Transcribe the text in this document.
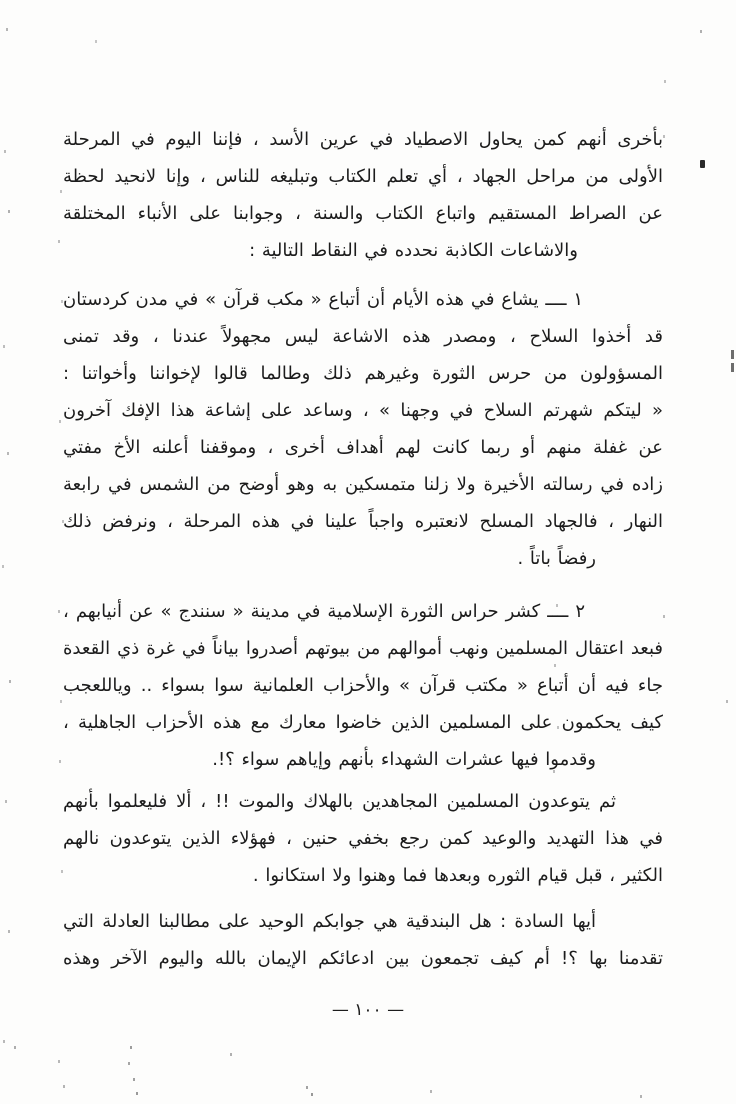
بأخرى أنهم كمن يحاول الاصطياد في عرين الأسد ، فإننا اليوم في المرحلة
الأولى من مراحل الجهاد ، أي تعلم الكتاب وتبليغه للناس ، وإنا لانحيد لحظة
عن الصراط المستقيم واتباع الكتاب والسنة ، وجوابنا على الأنباء المختلقة
والاشاعات الكاذبة نحدده في النقاط التالية :
١ ــــ يشاع في هذه الأيام أن أتباع « مكب قرآن » في مدن كردستان
قد أخذوا السلاح ، ومصدر هذه الاشاعة ليس مجهولاً عندنا ، وقد تمنى
المسؤولون من حرس الثورة وغيرهم ذلك وطالما قالوا لإخواننا وأخواتنا :
« ليتكم شهرتم السلاح في وجهنا » ، وساعد على إشاعة هذا الإفك آخرون
عن غفلة منهم أو ربما كانت لهم أهداف أخرى ، وموقفنا أعلنه الأخ مفتي
زاده في رسالته الأخيرة ولا زلنا متمسكين به وهو أوضح من الشمس في رابعة
النهار ، فالجهاد المسلح لانعتبره واجباً علينا في هذه المرحلة ، ونرفض ذلك
رفضاً باتاً .
٢ ــــ كشر حراس الثورة الإسلامية في مدينة « سنندج » عن أنيابهم ،
فبعد اعتقال المسلمين ونهب أموالهم من بيوتهم أصدروا بياناً في غرة ذي القعدة
جاء فيه أن أتباع « مكتب قرآن » والأحزاب العلمانية سوا بسواء .. وياللعجب
كيف يحكمون على المسلمين الذين خاضوا معارك مع هذه الأحزاب الجاهلية ،
وقدموا فيها عشرات الشهداء بأنهم وإياهم سواء ؟!.
ثم يتوعدون المسلمين المجاهدين بالهلاك والموت !! ، ألا فليعلموا بأنهم
في هذا التهديد والوعيد كمن رجع بخفي حنين ، فهؤلاء الذين يتوعدون نالهم
الكثير ، قبل قيام الثوره وبعدها فما وهنوا ولا استكانوا .
أيها السادة : هل البندقية هي جوابكم الوحيد على مطالبنا العادلة التي
تقدمنا بها ؟! أم كيف تجمعون بين ادعائكم الإيمان بالله واليوم الآخر وهذه
— ١٠٠ —
